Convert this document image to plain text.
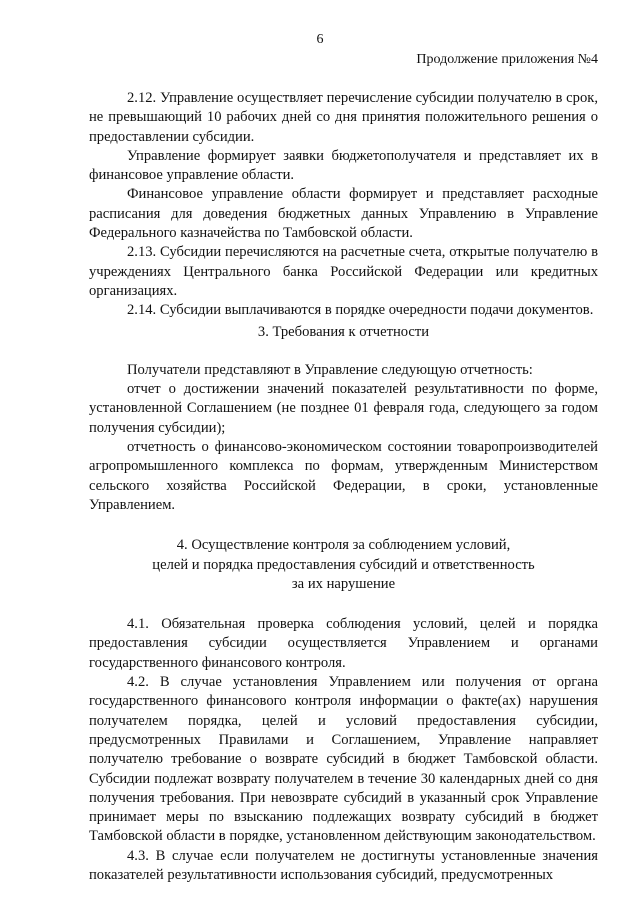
6
Продолжение приложения №4

2.12. Управление осуществляет перечисление субсидии получателю в срок, не превышающий 10 рабочих дней со дня принятия положительного решения о предоставлении субсидии.

Управление формирует заявки бюджетополучателя и представляет их в финансовое управление области.

Финансовое управление области формирует и представляет расходные расписания для доведения бюджетных данных Управлению в Управление Федерального казначейства по Тамбовской области.

2.13. Субсидии перечисляются на расчетные счета, открытые получателю в учреждениях Центрального банка Российской Федерации или кредитных организациях.

2.14. Субсидии выплачиваются в порядке очередности подачи документов.

3. Требования к отчетности

Получатели представляют в Управление следующую отчетность:

отчет о достижении значений показателей результативности по форме, установленной Соглашением (не позднее 01 февраля года, следующего за годом получения субсидии);

отчетность о финансово-экономическом состоянии товаропроизводителей агропромышленного комплекса по формам, утвержденным Министерством сельского хозяйства Российской Федерации, в сроки, установленные Управлением.

4. Осуществление контроля за соблюдением условий,
целей и порядка предоставления субсидий и ответственность
за их нарушение

4.1. Обязательная проверка соблюдения условий, целей и порядка предоставления субсидии осуществляется Управлением и органами государственного финансового контроля.

4.2. В случае установления Управлением или получения от органа государственного финансового контроля информации о факте(ах) нарушения получателем порядка, целей и условий предоставления субсидии, предусмотренных Правилами и Соглашением, Управление направляет получателю требование о возврате субсидий в бюджет Тамбовской области. Субсидии подлежат возврату получателем в течение 30 календарных дней со дня получения требования. При невозврате субсидий в указанный срок Управление принимает меры по взысканию подлежащих возврату субсидий в бюджет Тамбовской области в порядке, установленном действующим законодательством.

4.3. В случае если получателем не достигнуты установленные значения показателей результативности использования субсидий, предусмотренных
